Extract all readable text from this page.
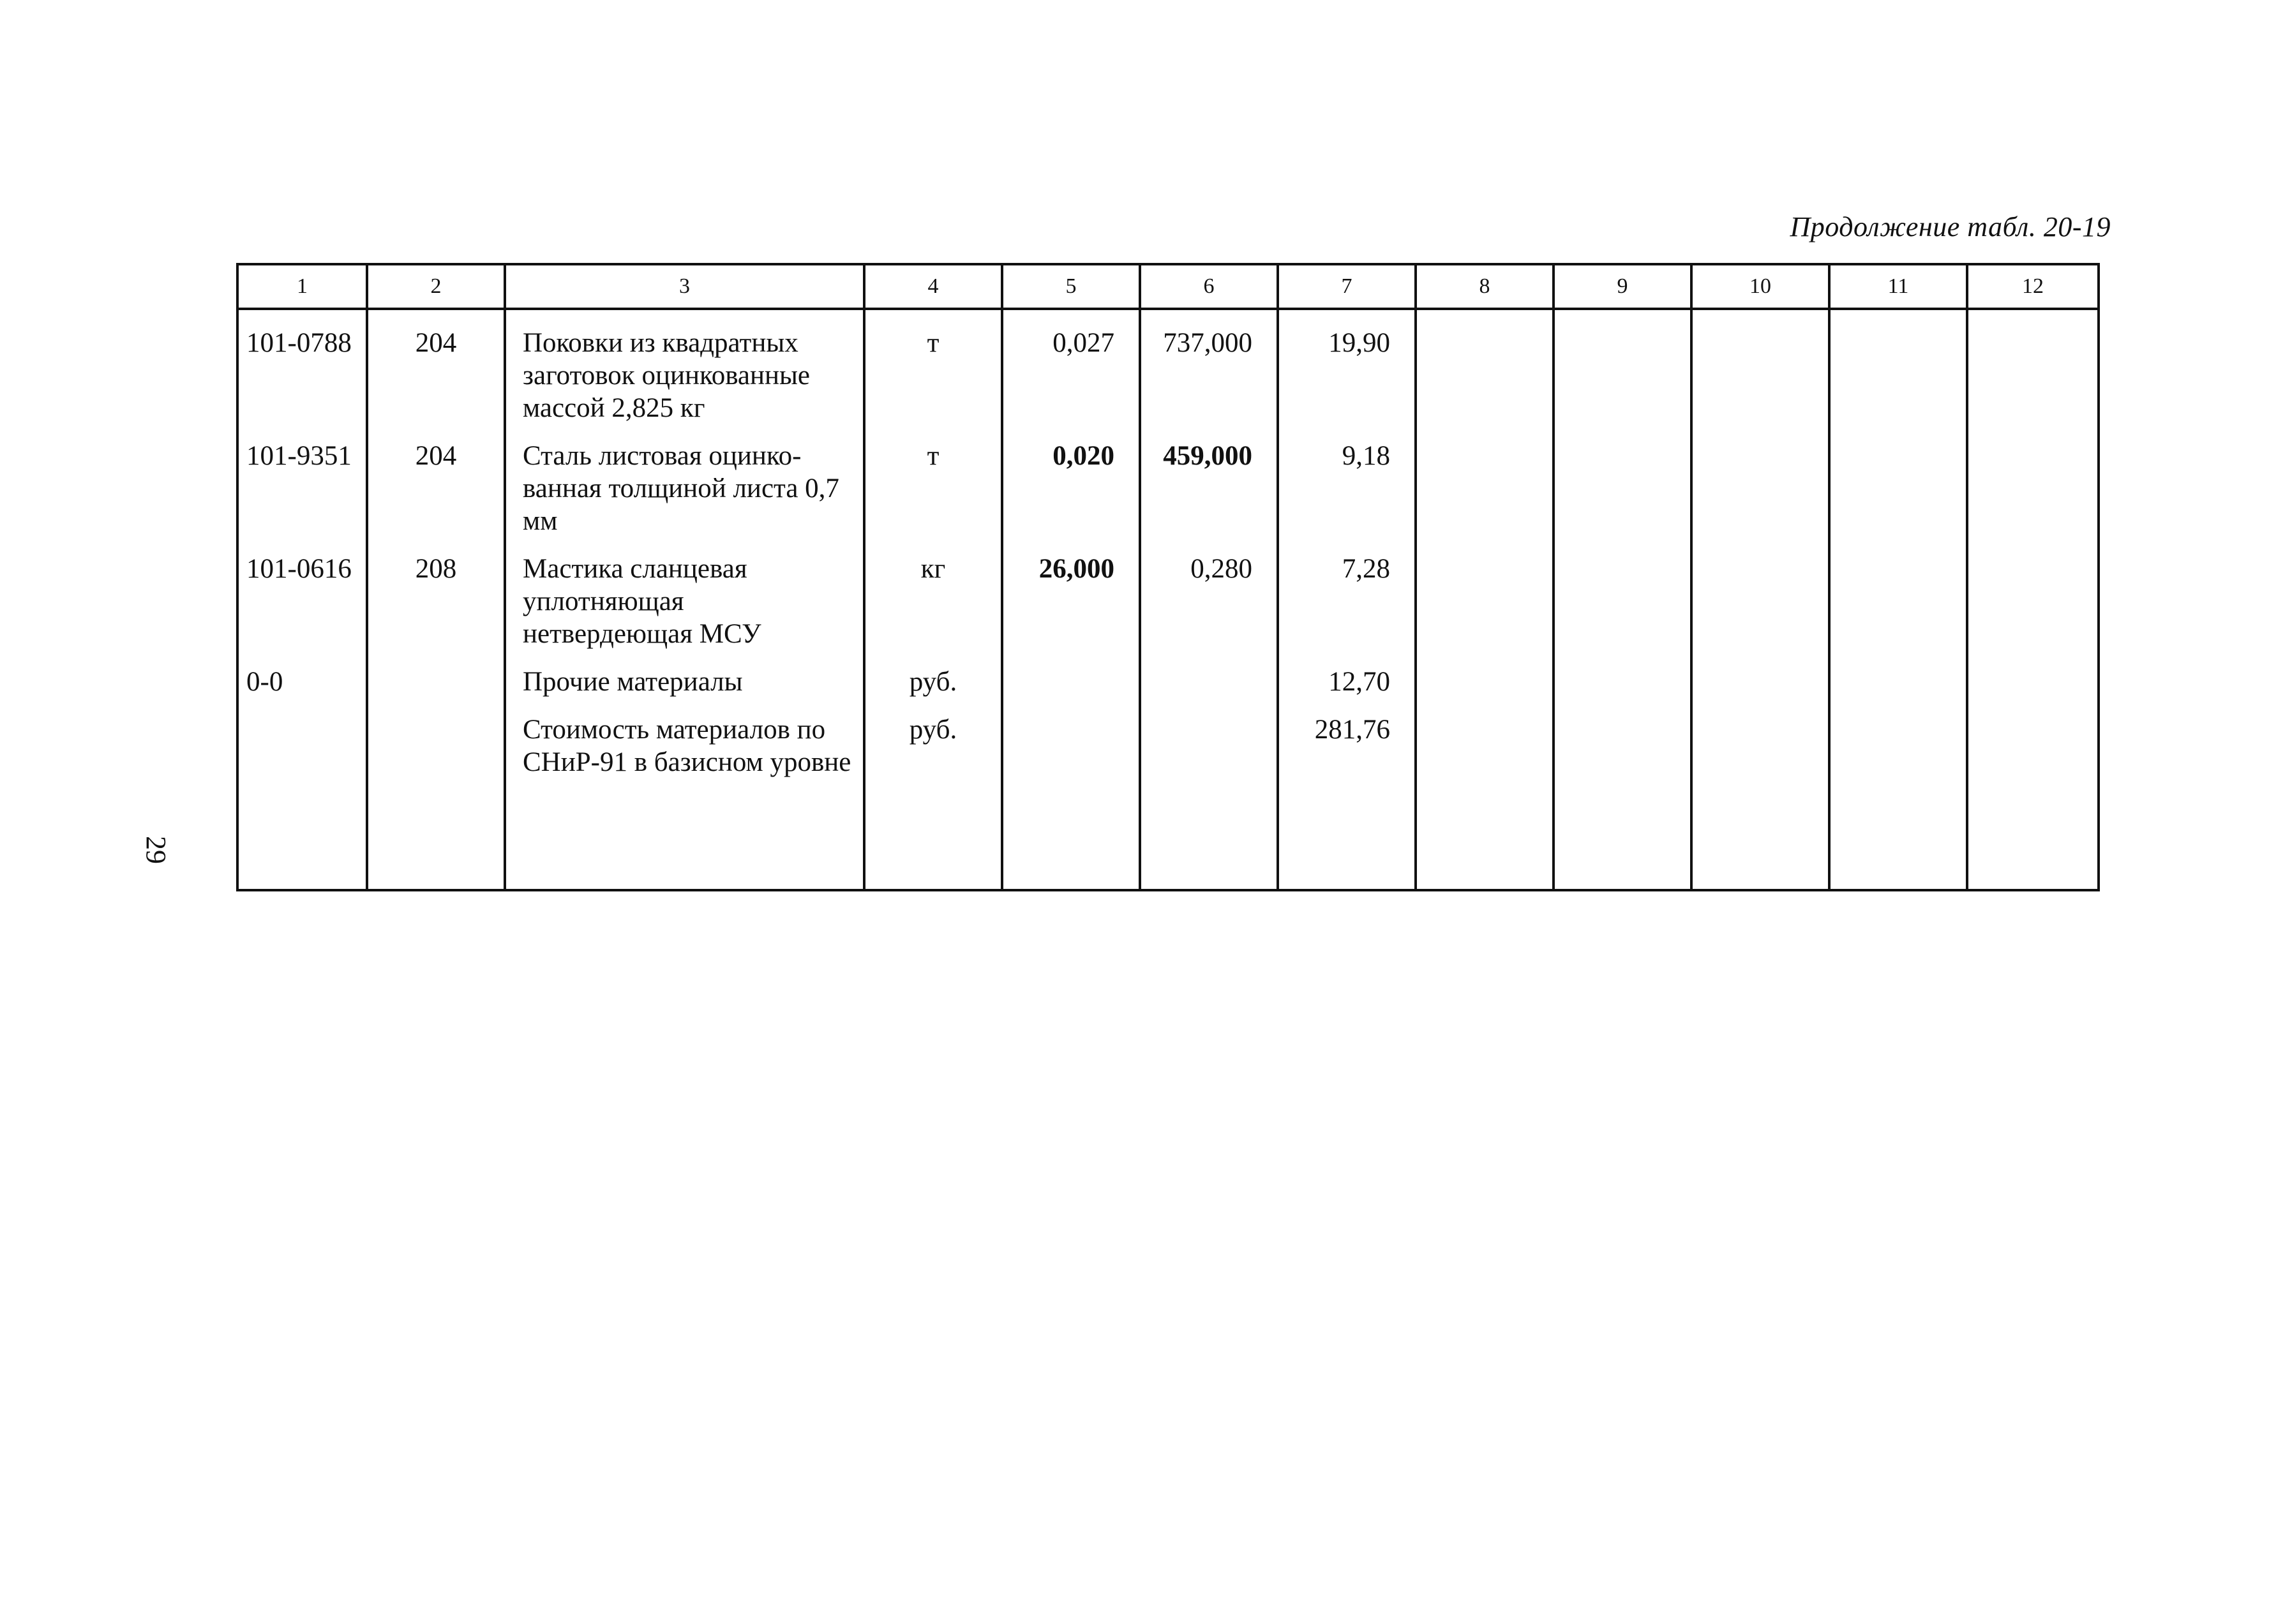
Продолжение табл. 20-19
29
1	2	3	4	5	6	7	8	9	10	11	12
101-0788	204	Поковки из квадратных заготовок оцинкованные массой 2,825 кг	т	0,027	737,000	19,90					
101-9351	204	Сталь листовая оцинко-ванная толщиной листа 0,7 мм	т	0,020	459,000	9,18					
101-0616	208	Мастика сланцевая уплотняющая нетвердеющая МСУ	кг	26,000	0,280	7,28					
0-0		Прочие материалы	руб.			12,70					
		Стоимость материалов по СНиР-91 в базисном уровне	руб.			281,76					
